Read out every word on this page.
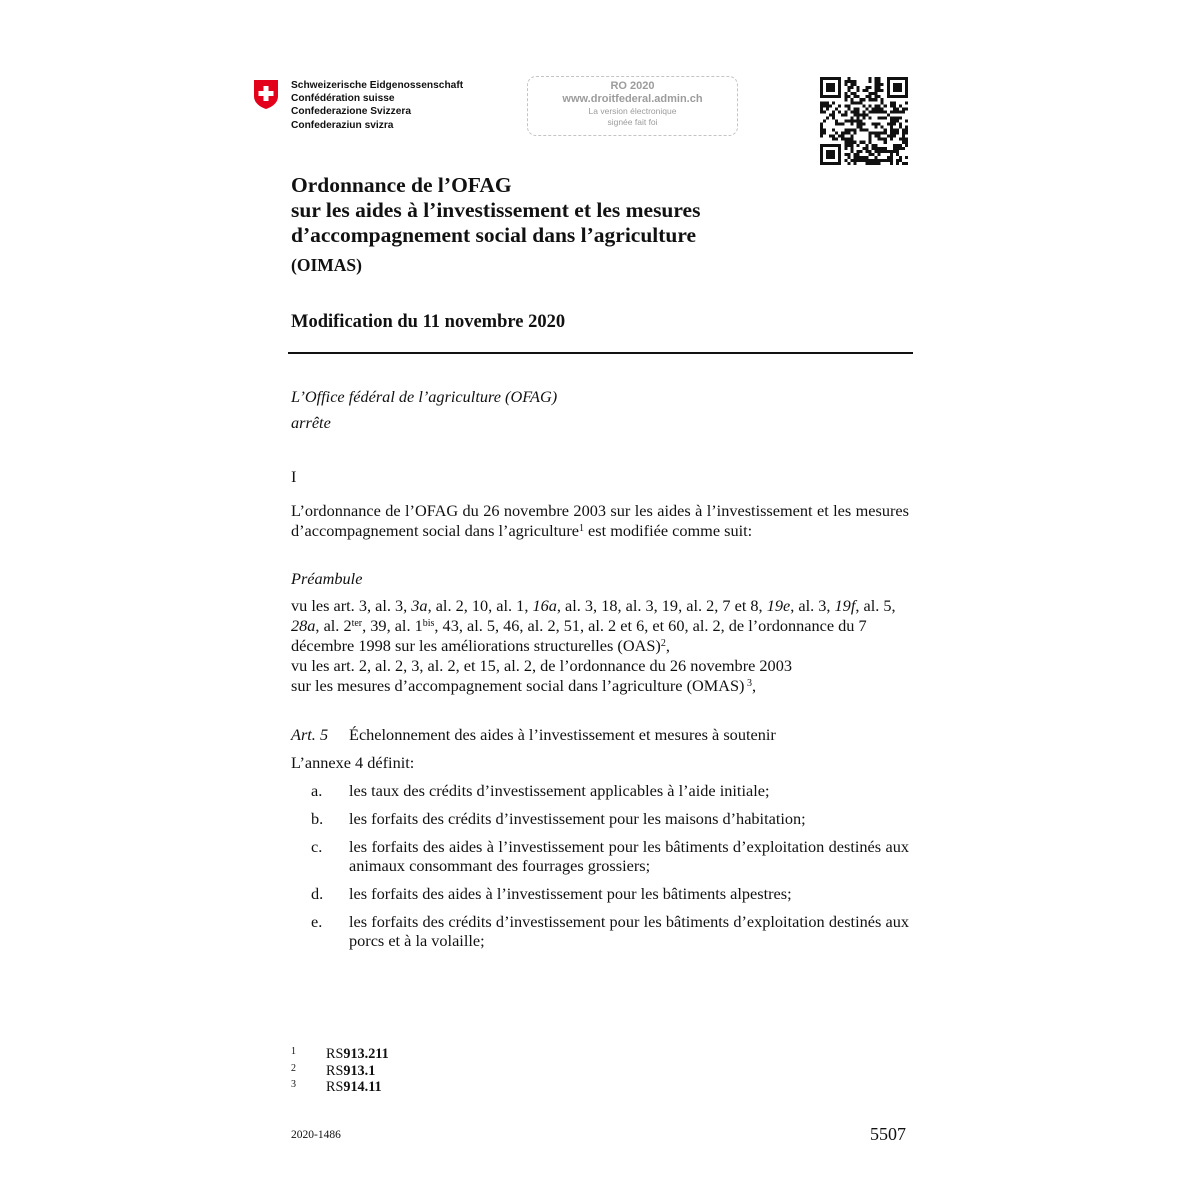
Schweizerische Eidgenossenschaft
Confédération suisse
Confederazione Svizzera
Confederaziun svizra
RO 2020
www.droitfederal.admin.ch
La version électronique
signée fait foi
Ordonnance de l’OFAG
sur les aides à l’investissement et les mesures
d’accompagnement social dans l’agriculture
(OIMAS)
Modification du 11 novembre 2020
L’Office fédéral de l’agriculture (OFAG)
arrête
I
L’ordonnance de l’OFAG du 26 novembre 2003 sur les aides à l’investissement et les mesures d’accompagnement social dans l’agriculture$^1$ est modifiée comme suit:
Préambule
vu les art. 3, al. 3, 3a, al. 2, 10, al. 1, 16a, al. 3, 18, al. 3, 19, al. 2, 7 et 8, 19e, al. 3, 19f, al. 5, 28a, al. $2^{ter}$, 39, al. $1^{bis}$, 43, al. 5, 46, al. 2, 51, al. 2 et 6, et 60, al. 2, de l’ordonnance du 7 décembre 1998 sur les améliorations structurelles (OAS)$^2$,
vu les art. 2, al. 2, 3, al. 2, et 15, al. 2, de l’ordonnance du 26 novembre 2003
sur les mesures d’accompagnement social dans l’agriculture (OMAS) $^3$,
Art. 5 Échelonnement des aides à l’investissement et mesures à soutenir
L’annexe 4 définit:
a.	les taux des crédits d’investissement applicables à l’aide initiale;
b.	les forfaits des crédits d’investissement pour les maisons d’habitation;
c.	les forfaits des aides à l’investissement pour les bâtiments d’exploitation destinés aux animaux consommant des fourrages grossiers;
d.	les forfaits des aides à l’investissement pour les bâtiments alpestres;
e.	les forfaits des crédits d’investissement pour les bâtiments d’exploitation destinés aux porcs et à la volaille;
1	RS 913.211
2	RS 913.1
3	RS 914.11
2020-1486	5507
